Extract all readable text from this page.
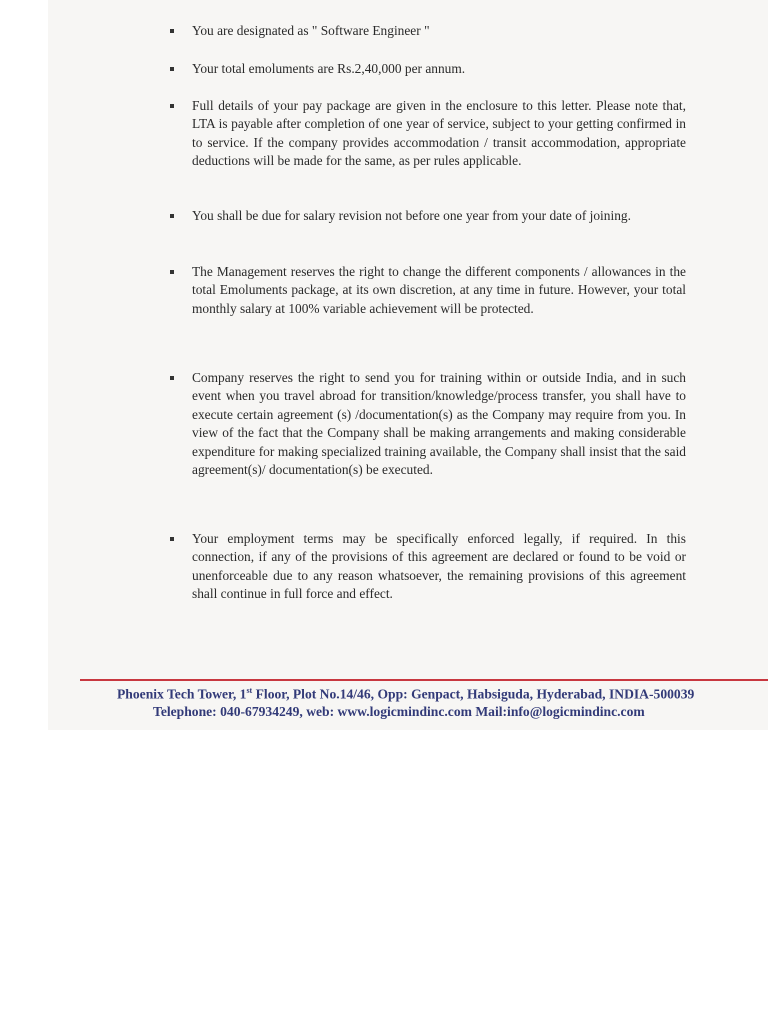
You are designated as " Software Engineer "
Your total emoluments are Rs.2,40,000 per annum.
Full details of your pay package are given in the enclosure to this letter. Please note that, LTA is payable after completion of one year of service, subject to your getting confirmed in to service. If the company provides accommodation / transit accommodation, appropriate deductions will be made for the same, as per rules applicable.
You shall be due for salary revision not before one year from your date of joining.
The Management reserves the right to change the different components / allowances in the total Emoluments package, at its own discretion, at any time in future. However, your total monthly salary at 100% variable achievement will be protected.
Company reserves the right to send you for training within or outside India, and in such event when you travel abroad for transition/knowledge/process transfer, you shall have to execute certain agreement (s) /documentation(s) as the Company may require from you. In view of the fact that the Company shall be making arrangements and making considerable expenditure for making specialized training available, the Company shall insist that the said agreement(s)/ documentation(s) be executed.
Your employment terms may be specifically enforced legally, if required. In this connection, if any of the provisions of this agreement are declared or found to be void or unenforceable due to any reason whatsoever, the remaining provisions of this agreement shall continue in full force and effect.
Phoenix Tech Tower, 1st Floor, Plot No.14/46, Opp: Genpact, Habsiguda, Hyderabad, INDIA-500039
Telephone: 040-67934249, web: www.logicmindinc.com Mail:info@logicmindinc.com
